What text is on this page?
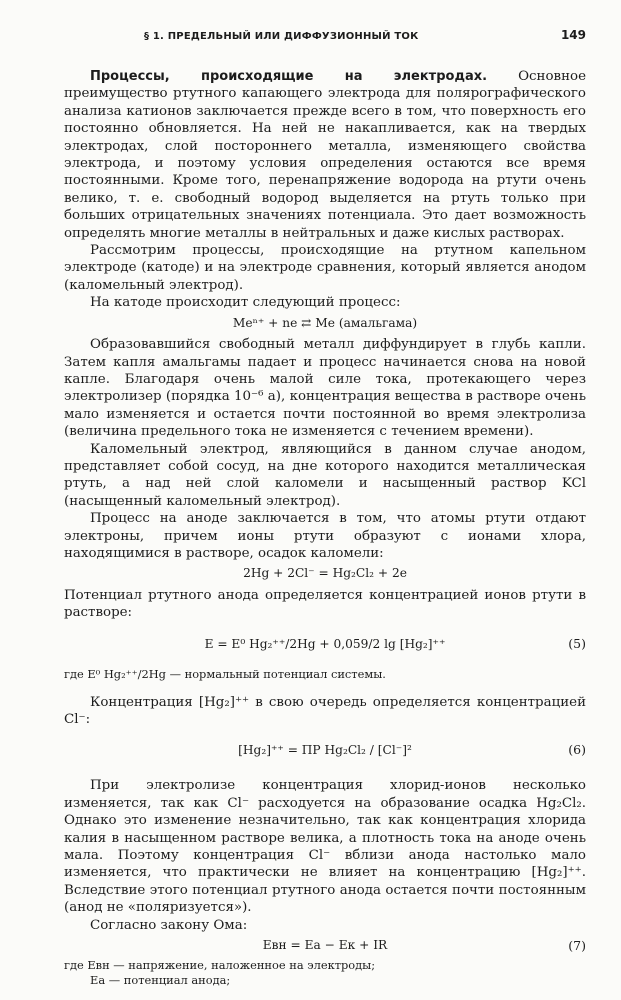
§ 1. ПРЕДЕЛЬНЫЙ ИЛИ ДИФФУЗИОННЫЙ ТОК	149

Процессы, происходящие на электродах. Основное преимущество ртутного капающего электрода для полярографического анализа катионов заключается прежде всего в том, что поверхность его постоянно обновляется. На ней не накапливается, как на твердых электродах, слой постороннего металла, изменяющего свойства электрода, и поэтому условия определения остаются все время постоянными. Кроме того, перенапряжение водорода на ртути очень велико, т. е. свободный водород выделяется на ртуть только при больших отрицательных значениях потенциала. Это дает возможность определять многие металлы в нейтральных и даже кислых растворах.

Рассмотрим процессы, происходящие на ртутном капельном электроде (катоде) и на электроде сравнения, который является анодом (каломельный электрод).

На катоде происходит следующий процесс:

Meⁿ⁺ + ne ⇄ Me (амальгама)

Образовавшийся свободный металл диффундирует в глубь капли. Затем капля амальгамы падает и процесс начинается снова на новой капле. Благодаря очень малой силе тока, протекающего через электролизер (порядка 10⁻⁶ а), концентрация вещества в растворе очень мало изменяется и остается почти постоянной во время электролиза (величина предельного тока не изменяется с течением времени).

Каломельный электрод, являющийся в данном случае анодом, представляет собой сосуд, на дне которого находится металлическая ртуть, а над ней слой каломели и насыщенный раствор KCl (насыщенный каломельный электрод).

Процесс на аноде заключается в том, что атомы ртути отдают электроны, причем ионы ртути образуют с ионами хлора, находящимися в растворе, осадок каломели:

2Hg + 2Cl⁻ = Hg₂Cl₂ + 2e

Потенциал ртутного анода определяется концентрацией ионов ртути в растворе:

E = E⁰ Hg₂⁺⁺/2Hg + 0,059/2 lg [Hg₂]⁺⁺	(5)

где E⁰ Hg₂⁺⁺/2Hg — нормальный потенциал системы.

Концентрация [Hg₂]⁺⁺ в свою очередь определяется концентрацией Cl⁻:

[Hg₂]⁺⁺ = ПР Hg₂Cl₂ / [Cl⁻]²	(6)

При электролизе концентрация хлорид-ионов несколько изменяется, так как Cl⁻ расходуется на образование осадка Hg₂Cl₂. Однако это изменение незначительно, так как концентрация хлорида калия в насыщенном растворе велика, а плотность тока на аноде очень мала. Поэтому концентрация Cl⁻ вблизи анода настолько мало изменяется, что практически не влияет на концентрацию [Hg₂]⁺⁺. Вследствие этого потенциал ртутного анода остается почти постоянным (анод не «поляризуется»).

Согласно закону Ома:

Eвн = Eа − Eк + IR	(7)
где Eвн — напряжение, наложенное на электроды;
Eа — потенциал анода;
